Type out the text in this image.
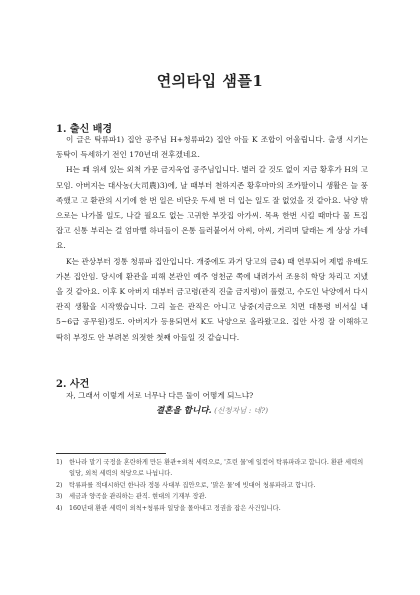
연의타입 샘플1
1. 출신 배경

이 글은 탁류파1) 집안 공주님 H+청류파2) 집안 아들 K 조합이 어울립니다. 출생 시기는 동탁이 득세하기 전인 170년대 전후겠네요.

H는 꽤 위세 있는 외척 가문 금지옥엽 공주님입니다. 별러 갈 것도 없이 지금 황후가 H의 고모임. 아버지는 대사농(大司農)3)에, 날 때부터 천하지존 황후마마의 조카딸이니 생활은 늘 풍족했고 고 환관의 시기에 한 번 일은 비단옷 두세 번 더 입는 일도 잘 없었을 것 같아요. 낙양 밖으로는 나가볼 일도, 나갈 필요도 없는 고귀한 부잣집 아가씨. 목욕 한번 시킬 때마다 물 트집 잡고 신통 부리는 걸 엄마뻘 하녀들이 온통 들러붙어서 아씨, 아씨, 거리며 달래는 게 상상 가네요.

K는 관상부터 정통 청류파 집안입니다. 개중에도 과거 당고의 금4) 때 연루되어 제법 유배도 가본 집안임. 당시에 환관을 피해 본관인 예주 영천군 쪽에 내려가서 조용히 학당 차리고 지냈을 것 같아요. 이후 K 아버지 대부터 금고령(관직 진출 금지령)이 풀렸고, 수도인 낙양에서 다시 관직 생활을 시작했습니다. 그리 높은 관직은 아니고 낭중(지금으로 치면 대통령 비서실 내 5~6급 공무원)정도. 아버지가 등용되면서 K도 낙양으로 올라왔고요. 집안 사정 잘 이해하고 딱히 부정도 안 부려본 의젓한 첫째 아들일 것 같습니다.

2. 사건
자, 그래서 이렇게 서로 너무나 다른 둘이 어떻게 되느냐?
결혼을 합니다. (신청자님 : 네?)
1)	한나라 말기 국정을 혼란하게 만든 환관+외척 세력으로, '흐린 물'에 일컫어 탁류파라고 합니다. 환관 세력의 일당, 외척 세력의 척당으로 나뉩니다.
2)	탁류파를 적대시하던 한나라 정통 사대부 집안으로, '맑은 물'에 빗대어 청류파라고 합니다.
3)	세금과 양곡을 관리하는 관직. 현대의 기재부 장관.
4)	160년대 환관 세력이 외척+청류파 일당을 몰아내고 정권을 잡은 사건입니다.
